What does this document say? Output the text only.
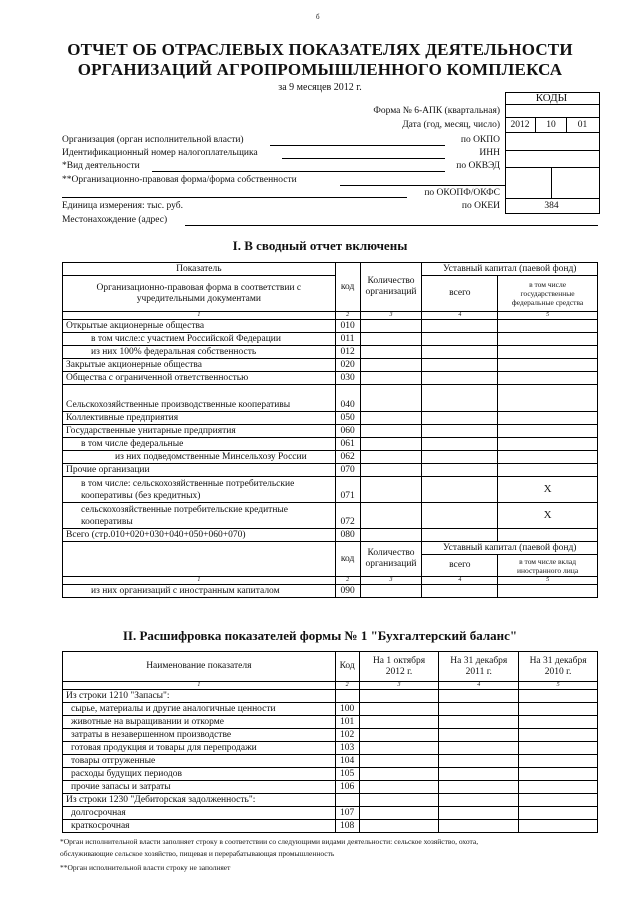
б
ОТЧЕТ ОБ ОТРАСЛЕВЫХ ПОКАЗАТЕЛЯХ ДЕЯТЕЛЬНОСТИ
ОРГАНИЗАЦИЙ АГРОПРОМЫШЛЕННОГО КОМПЛЕКСА
за 9 месяцев 2012 г.
КОДЫ
2012	10	01
384
Форма № 6-АПК (квартальная)
Дата (год, месяц, число)
Организация (орган исполнительной власти)	по ОКПО
Идентификационный номер налогоплательщика	ИНН
*Вид деятельности	по ОКВЭД
**Организационно-правовая форма/форма собственности
по ОКОПФ/ОКФС
Единица измерения: тыс. руб.	по ОКЕИ
Местонахождение (адрес)
I. В сводный отчет включены
Показатель	код	Количество организаций	Уставный капитал (паевой фонд)	
Организационно-правовая форма в соответствии с учредительными документами			всего	в том числе государственные федеральные средства
1	2	3	4	5
Открытые акционерные общества	010			
в том числе:с участием Российской Федерации	011			
из них 100% федеральная собственность	012			
Закрытые акционерные общества	020			
Общества с ограниченной ответственностью	030			
Сельскохозяйственные производственные кооперативы	040			
Коллективные предприятия	050			
Государственные унитарные предприятия	060			
в том числе федеральные	061			
из них подведомственные Минсельхозу России	062			
Прочие организации	070			
в том числе: сельскохозяйственные потребительские
кооперативы (без кредитных)	071			Х
сельскохозяйственные потребительские кредитные
кооперативы	072			Х
Всего (стр.010+020+030+040+050+060+070)	080			
	код	Количество организаций	Уставный капитал (паевой фонд)	
			всего	в том числе вклад иностранного лица
1	2	3	4	5
из них организаций с иностранным капиталом	090			
II. Расшифровка показателей формы № 1 "Бухгалтерский баланс"
Наименование показателя	Код	На 1 октября 2012 г.	На 31 декабря 2011 г.	На 31 декабря 2010 г.
1	2	3	4	5
Из строки 1210 "Запасы":				
сырье, материалы и другие аналогичные ценности	100			
животные на выращивании и откорме	101			
затраты в незавершенном производстве	102			
готовая продукция и товары для перепродажи	103			
товары отгруженные	104			
расходы будущих периодов	105			
прочие запасы и затраты	106			
Из строки 1230 "Дебиторская задолженность":				
долгосрочная	107			
краткосрочная	108			
*Орган исполнительной власти заполняет строку в соответствии со следующими видами деятельности: сельское хозяйство, охота,
обслуживающие сельское хозяйство, пищевая и перерабатывающая промышленность
**Орган исполнительной власти строку не заполняет
